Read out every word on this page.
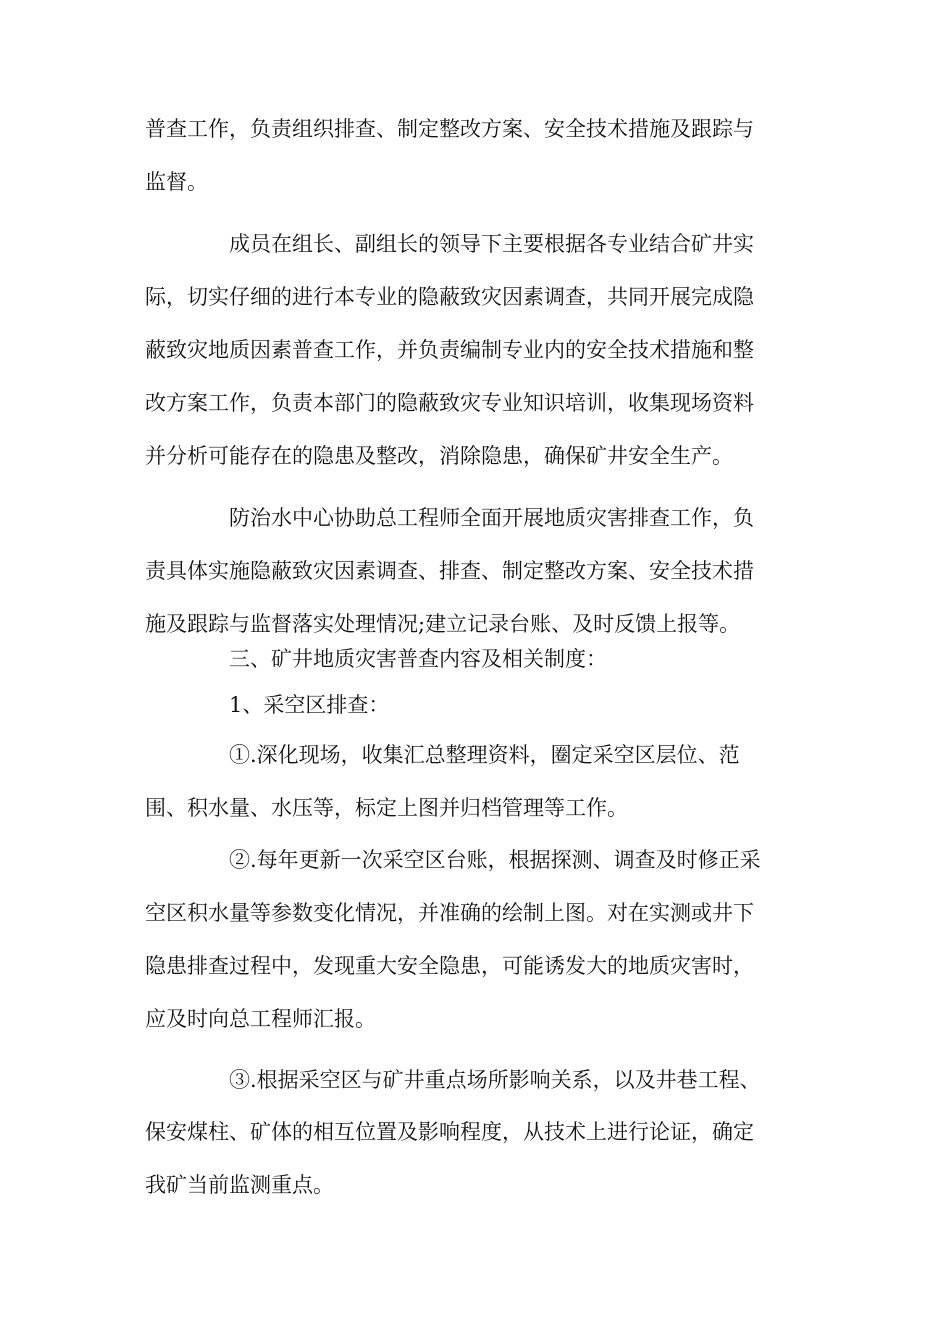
普查工作，负责组织排查、制定整改方案、安全技术措施及跟踪与
监督。
成员在组长、副组长的领导下主要根据各专业结合矿井实
际，切实仔细的进行本专业的隐蔽致灾因素调查，共同开展完成隐
蔽致灾地质因素普查工作，并负责编制专业内的安全技术措施和整
改方案工作，负责本部门的隐蔽致灾专业知识培训，收集现场资料
并分析可能存在的隐患及整改，消除隐患，确保矿井安全生产。
防治水中心协助总工程师全面开展地质灾害排查工作，负
责具体实施隐蔽致灾因素调查、排查、制定整改方案、安全技术措
施及跟踪与监督落实处理情况;建立记录台账、及时反馈上报等。
三、矿井地质灾害普查内容及相关制度：
1、采空区排查：
①.深化现场，收集汇总整理资料，圈定采空区层位、范
围、积水量、水压等，标定上图并归档管理等工作。
②.每年更新一次采空区台账，根据探测、调查及时修正采
空区积水量等参数变化情况，并准确的绘制上图。对在实测或井下
隐患排查过程中，发现重大安全隐患，可能诱发大的地质灾害时，
应及时向总工程师汇报。
③.根据采空区与矿井重点场所影响关系，以及井巷工程、
保安煤柱、矿体的相互位置及影响程度，从技术上进行论证，确定
我矿当前监测重点。
